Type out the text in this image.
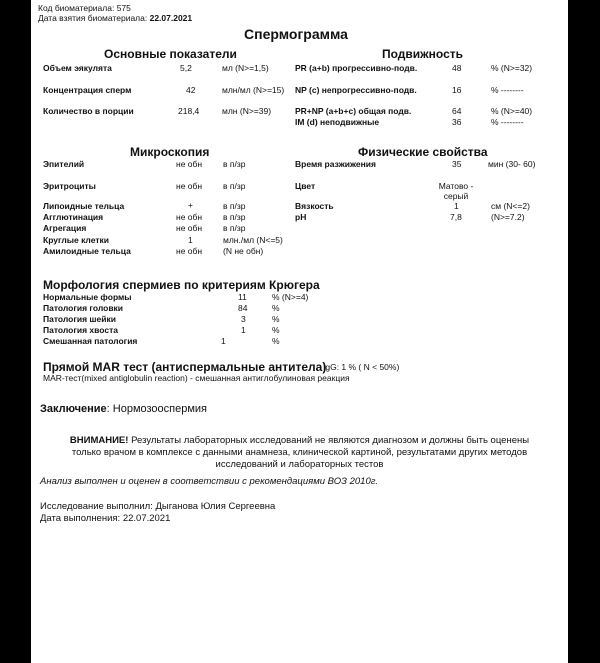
Код биоматериала: 575
Дата взятия биоматериала: 22.07.2021
Спермограмма
Основные показатели	Подвижность
Объем эякулята	5,2	мл (N>=1,5)
Концентрация сперм	42	млн/мл (N>=15)
Количество в порции	218,4	млн (N>=39)
PR (a+b) прогрессивно-подв.	48	% (N>=32)
NP (c) непрогрессивно-подв.	16	% --------
PR+NP (a+b+c) общая подв.	64	% (N>=40)
IM (d) неподвижные	36	% --------
Микроскопия	Физические свойства
Эпителий	не обн в п/зр
Эритроциты	не обн в п/зр
Липоидные тельца	+	в п/зр
Агглютинация	не обн в п/зр
Агрегация	не обн в п/зр
Круглые клетки	1	млн./мл (N<=5)
Амилоидные тельца	не обн (N не обн)
Время разжижения	35	мин (30- 60)
Цвет	Матово - серый
Вязкость	1	см (N<=2)
pH	7,8	(N>=7.2)
Морфология спермиев по критериям Крюгера
Нормальные формы	11	% (N>=4)
Патология головки	84	%
Патология шейки	3	%
Патология хвоста	1	%
Смешанная патология	1	%
Прямой MAR тест (антиспермальные антитела)
IgG: 1 % ( N < 50%)
MAR-тест(mixed antiglobulin reaction) - смешанная антиглобулиновая реакция
Заключение: Нормозооспермия
ВНИМАНИЕ! Результаты лабораторных исследований не являются диагнозом и должны быть оценены
только врачом в комплексе с данными анамнеза, клинической картиной, результатами других методов
исследований и лабораторных тестов
Анализ выполнен и оценен в соответствии с рекомендациями ВОЗ 2010г.
Исследование выполнил: Дыганова Юлия Сергеевна
Дата выполнения: 22.07.2021
